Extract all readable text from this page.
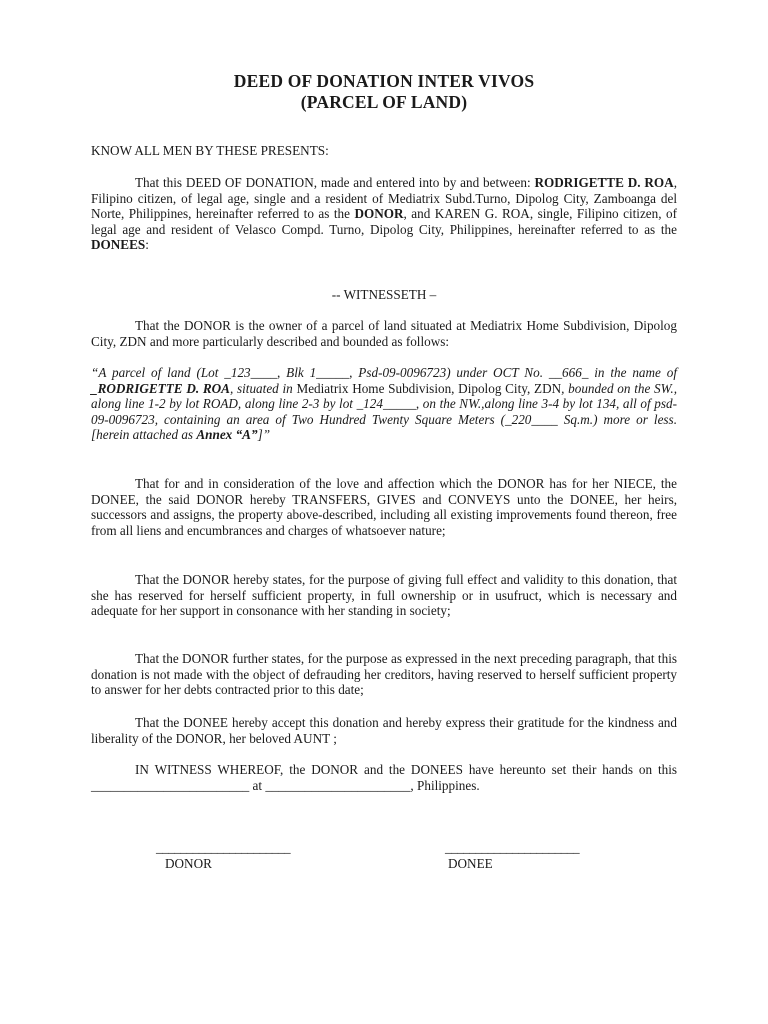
DEED OF DONATION INTER VIVOS
(PARCEL OF LAND)
KNOW ALL MEN BY THESE PRESENTS:
That this DEED OF DONATION, made and entered into by and between: RODRIGETTE D. ROA, Filipino citizen, of legal age, single and a resident of Mediatrix Subd.Turno, Dipolog City, Zamboanga del Norte, Philippines, hereinafter referred to as the DONOR, and KAREN G. ROA, single, Filipino citizen, of legal age and resident of Velasco Compd. Turno, Dipolog City, Philippines, hereinafter referred to as the DONEES:
-- WITNESSETH –
That the DONOR is the owner of a parcel of land situated at Mediatrix Home Subdivision, Dipolog City, ZDN and more particularly described and bounded as follows:
“A parcel of land (Lot _123____, Blk 1_____, Psd-09-0096723) under OCT No. __666_ in the name of _RODRIGETTE D. ROA, situated in Mediatrix Home Subdivision, Dipolog City, ZDN, bounded on the SW., along line 1-2 by lot ROAD, along line 2-3 by lot _124_____, on the NW.,along line 3-4 by lot 134, all of psd- 09-0096723, containing an area of Two Hundred Twenty Square Meters (_220____ Sq.m.) more or less. [herein attached as Annex “A”]”
That for and in consideration of the love and affection which the DONOR has for her NIECE, the DONEE, the said DONOR hereby TRANSFERS, GIVES and CONVEYS unto the DONEE, her heirs, successors and assigns, the property above-described, including all existing improvements found thereon, free from all liens and encumbrances and charges of whatsoever nature;
That the DONOR hereby states, for the purpose of giving full effect and validity to this donation, that she has reserved for herself sufficient property, in full ownership or in usufruct, which is necessary and adequate for her support in consonance with her standing in society;
That the DONOR further states, for the purpose as expressed in the next preceding paragraph, that this donation is not made with the object of defrauding her creditors, having reserved to herself sufficient property to answer for her debts contracted prior to this date;
That the DONEE hereby accept this donation and hereby express their gratitude for the kindness and liberality of the DONOR, her beloved AUNT ;
IN WITNESS WHEREOF, the DONOR and the DONEES have hereunto set their hands on this ________________________ at ______________________, Philippines.
______________________	______________________
DONOR	DONEE
